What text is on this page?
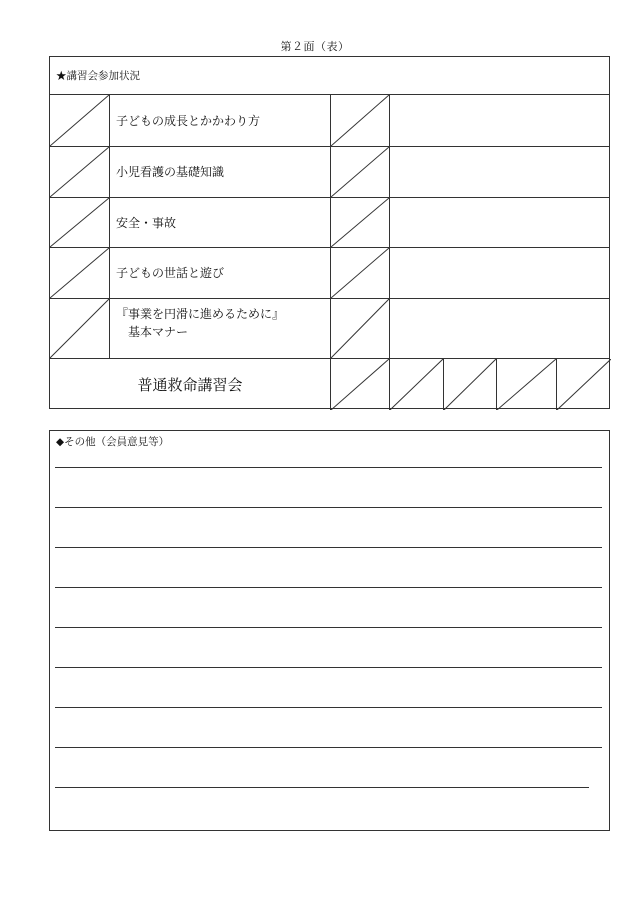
第２面（表）
★講習会参加状況
子どもの成長とかかわり方
小児看護の基礎知識
安全・事故
子どもの世話と遊び
『事業を円滑に進めるために』
基本マナー
普通救命講習会
◆その他（会員意見等）
